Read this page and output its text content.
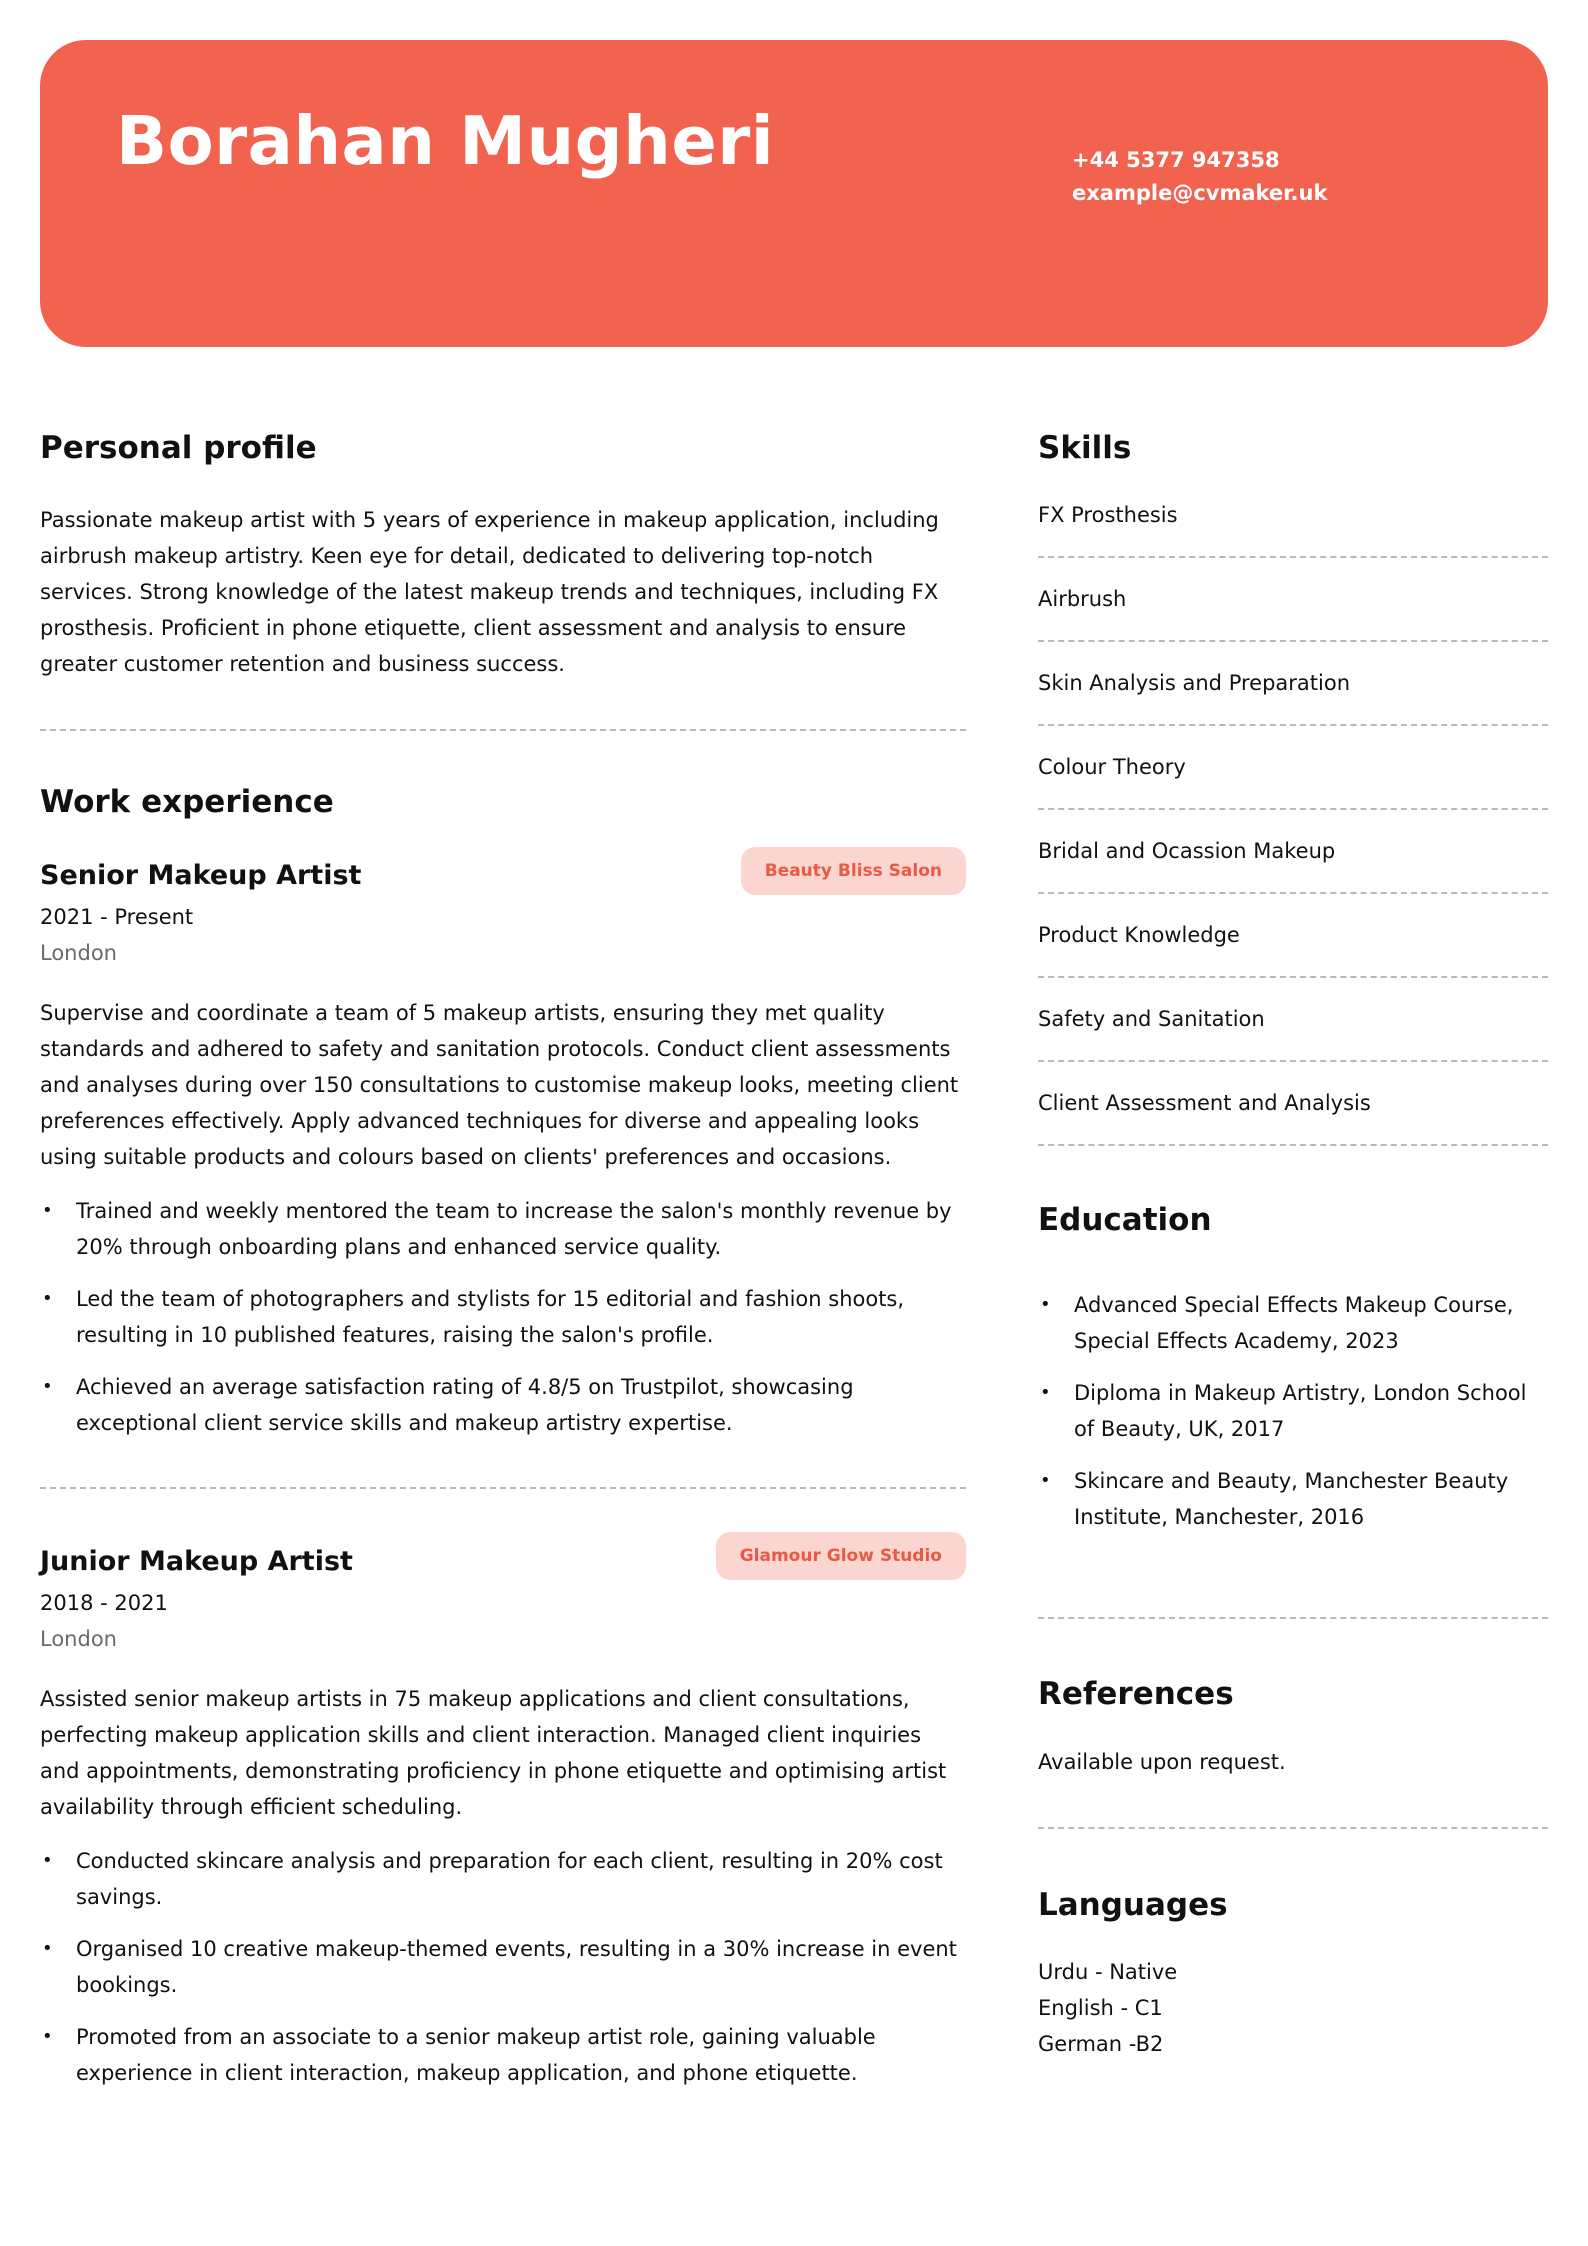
Borahan Mugheri	+44 5377 947358
example@cvmaker.uk
Personal profile

Passionate makeup artist with 5 years of experience in makeup application, including airbrush makeup artistry. Keen eye for detail, dedicated to delivering top-notch services. Strong knowledge of the latest makeup trends and techniques, including FX prosthesis. Proficient in phone etiquette, client assessment and analysis to ensure greater customer retention and business success.

Work experience
Senior Makeup Artist	Beauty Bliss Salon
2021 - Present
London

Supervise and coordinate a team of 5 makeup artists, ensuring they met quality standards and adhered to safety and sanitation protocols. Conduct client assessments and analyses during over 150 consultations to customise makeup looks, meeting client preferences effectively. Apply advanced techniques for diverse and appealing looks using suitable products and colours based on clients' preferences and occasions.

• Trained and weekly mentored the team to increase the salon's monthly revenue by 20% through onboarding plans and enhanced service quality.
• Led the team of photographers and stylists for 15 editorial and fashion shoots, resulting in 10 published features, raising the salon's profile.
• Achieved an average satisfaction rating of 4.8/5 on Trustpilot, showcasing exceptional client service skills and makeup artistry expertise.
Junior Makeup Artist	Glamour Glow Studio
2018 - 2021
London

Assisted senior makeup artists in 75 makeup applications and client consultations, perfecting makeup application skills and client interaction. Managed client inquiries and appointments, demonstrating proficiency in phone etiquette and optimising artist availability through efficient scheduling.

• Conducted skincare analysis and preparation for each client, resulting in 20% cost savings.
• Organised 10 creative makeup-themed events, resulting in a 30% increase in event bookings.
• Promoted from an associate to a senior makeup artist role, gaining valuable experience in client interaction, makeup application, and phone etiquette.
Skills
FX Prosthesis
Airbrush
Skin Analysis and Preparation
Colour Theory
Bridal and Ocassion Makeup
Product Knowledge
Safety and Sanitation
Client Assessment and Analysis
Education
• Advanced Special Effects Makeup Course, Special Effects Academy, 2023
• Diploma in Makeup Artistry, London School of Beauty, UK, 2017
• Skincare and Beauty, Manchester Beauty Institute, Manchester, 2016
References
Available upon request.
Languages
Urdu - Native
English - C1
German -B2
